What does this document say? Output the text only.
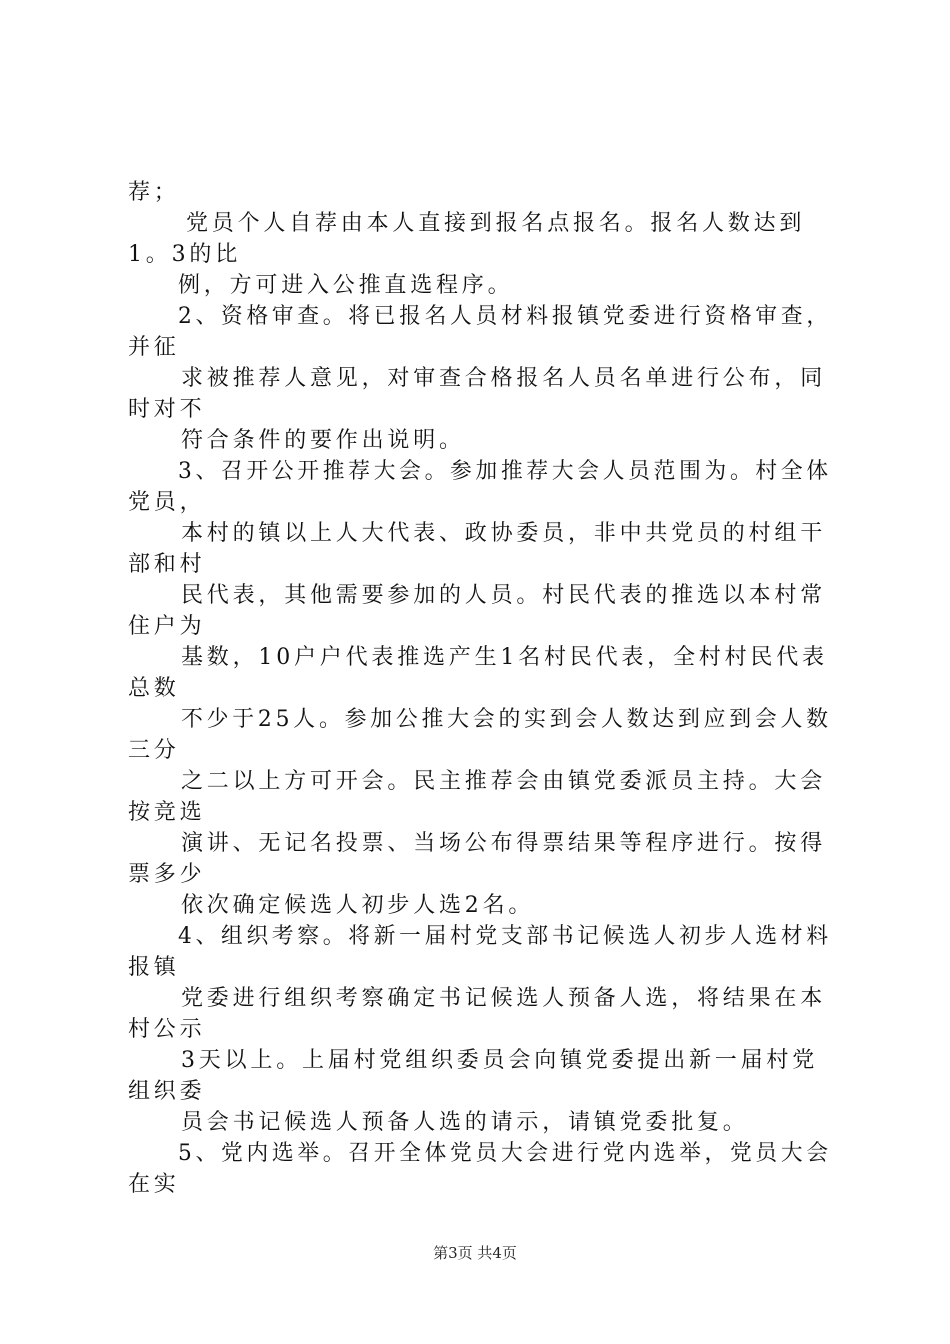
荐；
党员个人自荐由本人直接到报名点报名。报名人数达到
1。3的比
例，方可进入公推直选程序。
2、资格审查。将已报名人员材料报镇党委进行资格审查，
并征
求被推荐人意见，对审查合格报名人员名单进行公布，同
时对不
符合条件的要作出说明。
3、召开公开推荐大会。参加推荐大会人员范围为。村全体
党员，
本村的镇以上人大代表、政协委员，非中共党员的村组干
部和村
民代表，其他需要参加的人员。村民代表的推选以本村常
住户为
基数，10户户代表推选产生1名村民代表，全村村民代表
总数
不少于25人。参加公推大会的实到会人数达到应到会人数
三分
之二以上方可开会。民主推荐会由镇党委派员主持。大会
按竞选
演讲、无记名投票、当场公布得票结果等程序进行。按得
票多少
依次确定候选人初步人选2名。
4、组织考察。将新一届村党支部书记候选人初步人选材料
报镇
党委进行组织考察确定书记候选人预备人选，将结果在本
村公示
3天以上。上届村党组织委员会向镇党委提出新一届村党
组织委
员会书记候选人预备人选的请示，请镇党委批复。
5、党内选举。召开全体党员大会进行党内选举，党员大会
在实
第3页 共4页
